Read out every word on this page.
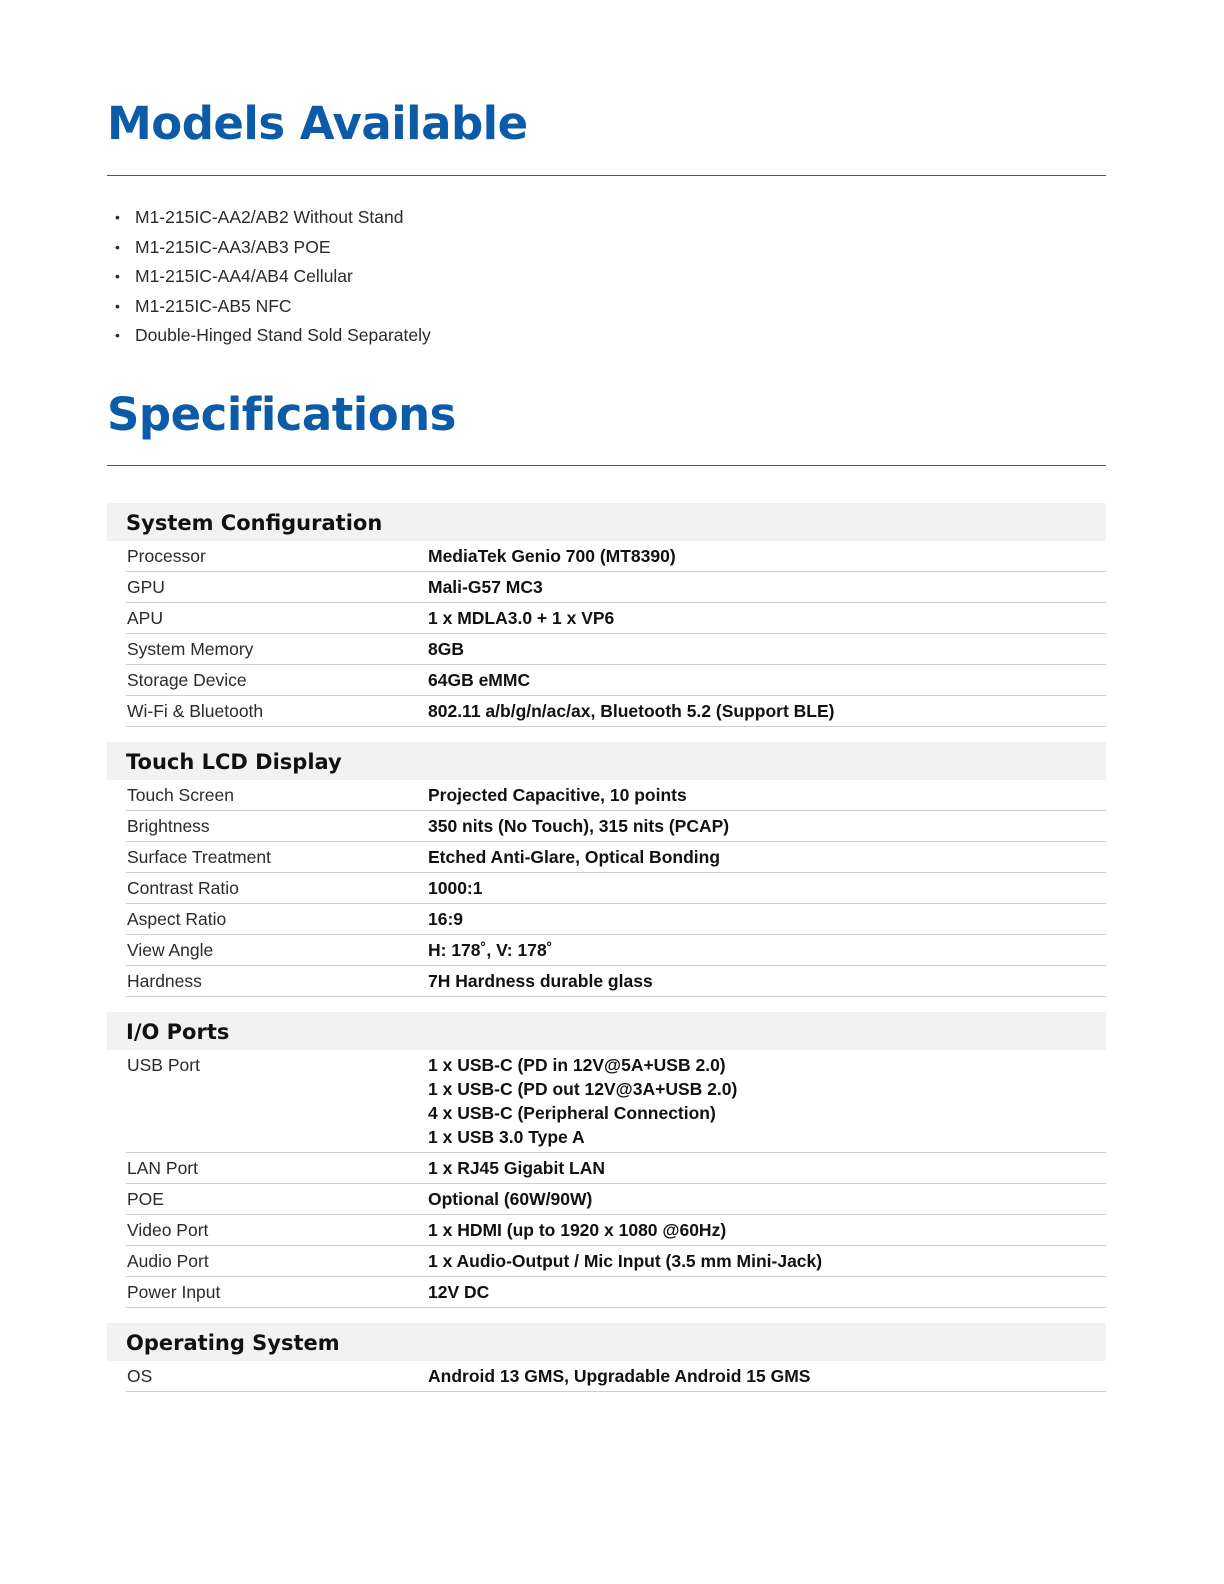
Models Available
• M1-215IC-AA2/AB2 Without Stand
• M1-215IC-AA3/AB3 POE
• M1-215IC-AA4/AB4 Cellular
• M1-215IC-AB5 NFC
• Double-Hinged Stand Sold Separately
Specifications
System Configuration
Processor	MediaTek Genio 700 (MT8390)
GPU	Mali-G57 MC3
APU	1 x MDLA3.0 + 1 x VP6
System Memory	8GB
Storage Device	64GB eMMC
Wi-Fi & Bluetooth	802.11 a/b/g/n/ac/ax, Bluetooth 5.2 (Support BLE)
Touch LCD Display
Touch Screen	Projected Capacitive, 10 points
Brightness	350 nits (No Touch), 315 nits (PCAP)
Surface Treatment	Etched Anti-Glare, Optical Bonding
Contrast Ratio	1000:1
Aspect Ratio	16:9
View Angle	H: 178˚, V: 178˚
Hardness	7H Hardness durable glass
I/O Ports
USB Port	1 x USB-C (PD in 12V@5A+USB 2.0)
1 x USB-C (PD out 12V@3A+USB 2.0)
4 x USB-C (Peripheral Connection)
1 x USB 3.0 Type A
LAN Port	1 x RJ45 Gigabit LAN
POE	Optional (60W/90W)
Video Port	1 x HDMI (up to 1920 x 1080 @60Hz)
Audio Port	1 x Audio-Output / Mic Input (3.5 mm Mini-Jack)
Power Input	12V DC
Operating System
OS	Android 13 GMS, Upgradable Android 15 GMS
